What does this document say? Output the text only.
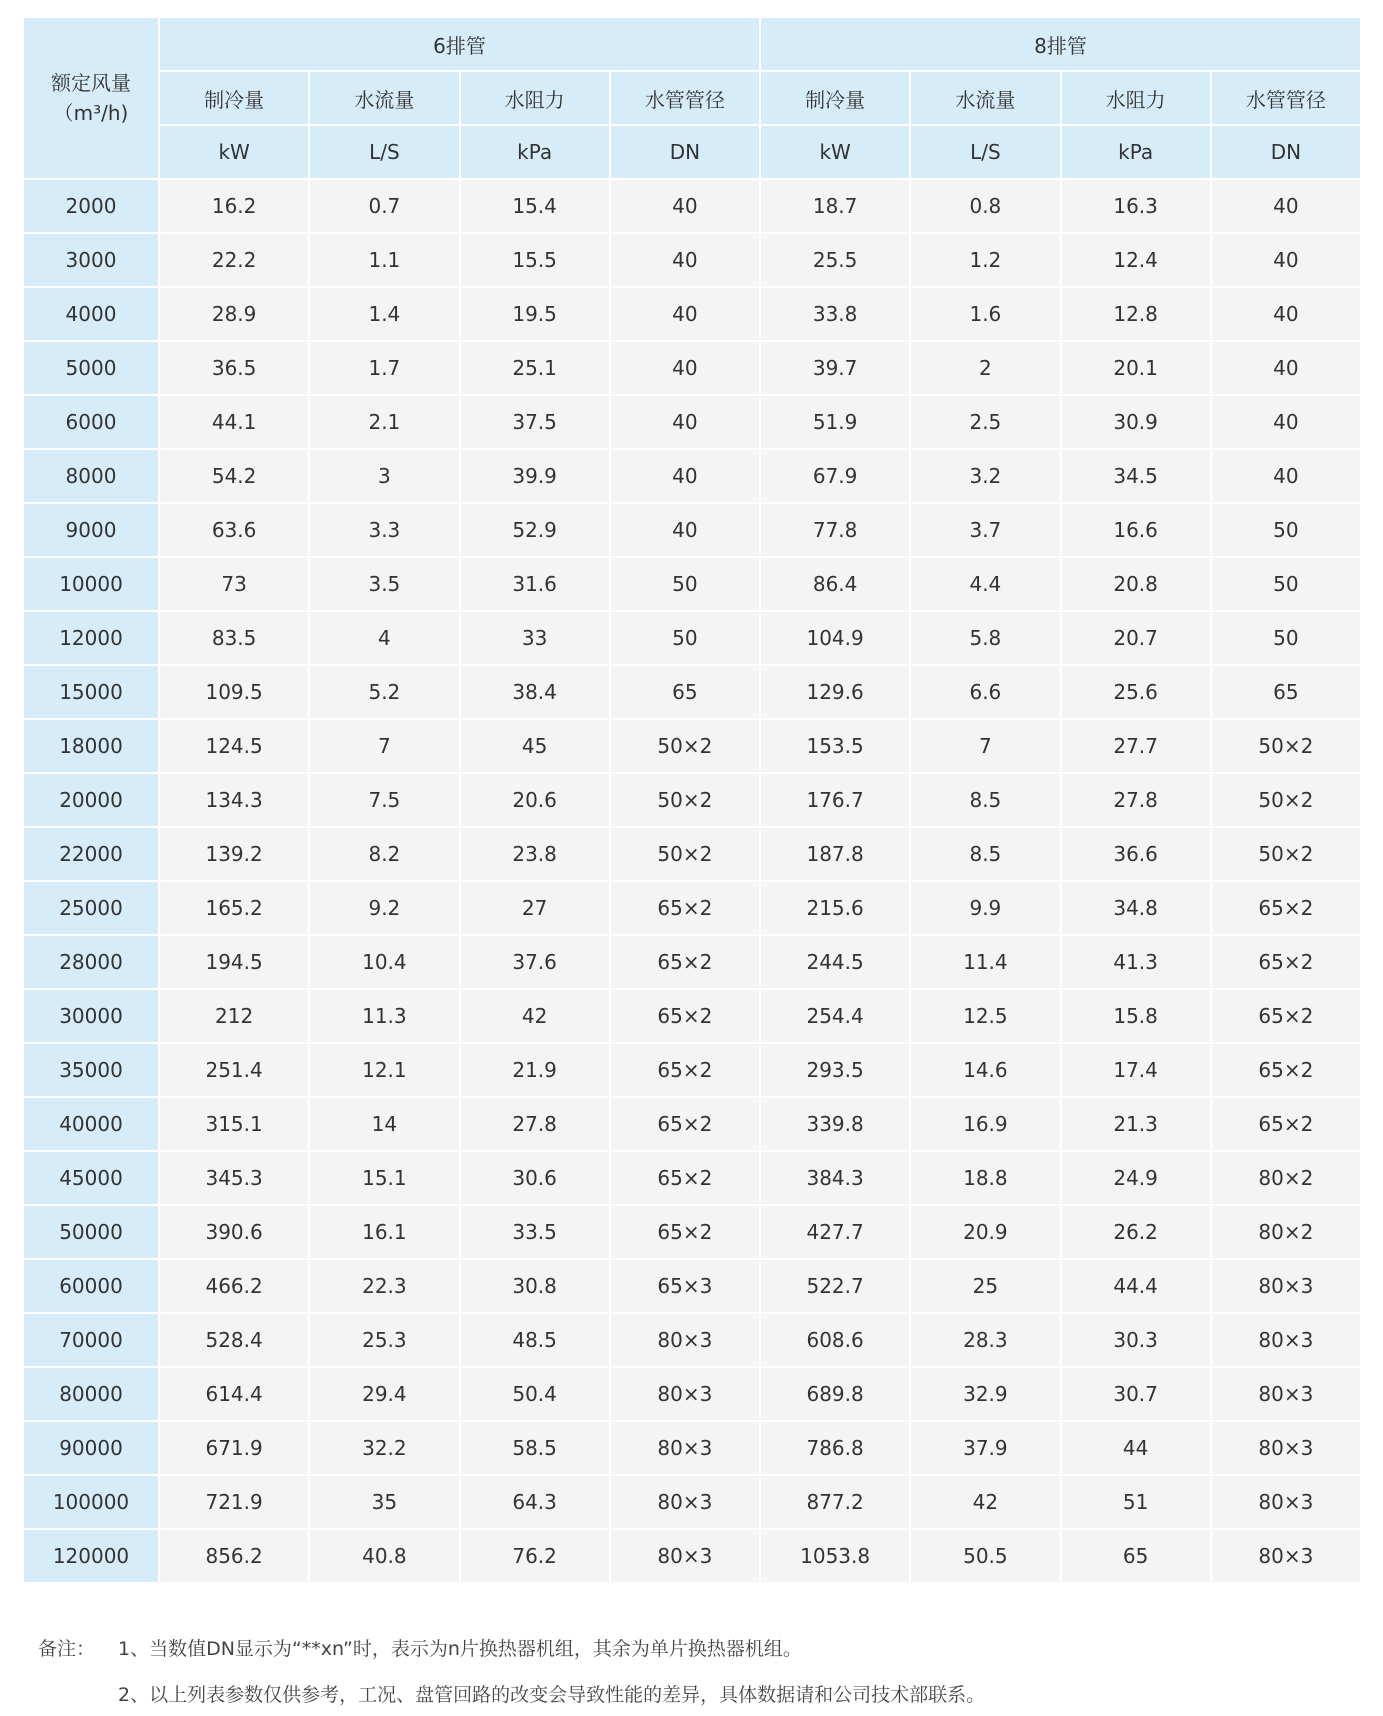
额定风量
（m³/h)	6排管				8排管			
	制冷量	水流量	水阻力	水管管径	制冷量	水流量	水阻力	水管管径
	kW	L/S	kPa	DN	kW	L/S	kPa	DN
2000	16.2	0.7	15.4	40	18.7	0.8	16.3	40
3000	22.2	1.1	15.5	40	25.5	1.2	12.4	40
4000	28.9	1.4	19.5	40	33.8	1.6	12.8	40
5000	36.5	1.7	25.1	40	39.7	2	20.1	40
6000	44.1	2.1	37.5	40	51.9	2.5	30.9	40
8000	54.2	3	39.9	40	67.9	3.2	34.5	40
9000	63.6	3.3	52.9	40	77.8	3.7	16.6	50
10000	73	3.5	31.6	50	86.4	4.4	20.8	50
12000	83.5	4	33	50	104.9	5.8	20.7	50
15000	109.5	5.2	38.4	65	129.6	6.6	25.6	65
18000	124.5	7	45	50×2	153.5	7	27.7	50×2
20000	134.3	7.5	20.6	50×2	176.7	8.5	27.8	50×2
22000	139.2	8.2	23.8	50×2	187.8	8.5	36.6	50×2
25000	165.2	9.2	27	65×2	215.6	9.9	34.8	65×2
28000	194.5	10.4	37.6	65×2	244.5	11.4	41.3	65×2
30000	212	11.3	42	65×2	254.4	12.5	15.8	65×2
35000	251.4	12.1	21.9	65×2	293.5	14.6	17.4	65×2
40000	315.1	14	27.8	65×2	339.8	16.9	21.3	65×2
45000	345.3	15.1	30.6	65×2	384.3	18.8	24.9	80×2
50000	390.6	16.1	33.5	65×2	427.7	20.9	26.2	80×2
60000	466.2	22.3	30.8	65×3	522.7	25	44.4	80×3
70000	528.4	25.3	48.5	80×3	608.6	28.3	30.3	80×3
80000	614.4	29.4	50.4	80×3	689.8	32.9	30.7	80×3
90000	671.9	32.2	58.5	80×3	786.8	37.9	44	80×3
100000	721.9	35	64.3	80×3	877.2	42	51	80×3
120000	856.2	40.8	76.2	80×3	1053.8	50.5	65	80×3
备注：	1、当数值DN显示为“**xn”时，表示为n片换热器机组，其余为单片换热器机组。
2、以上列表参数仅供参考，工况、盘管回路的改变会导致性能的差异，具体数据请和公司技术部联系。
